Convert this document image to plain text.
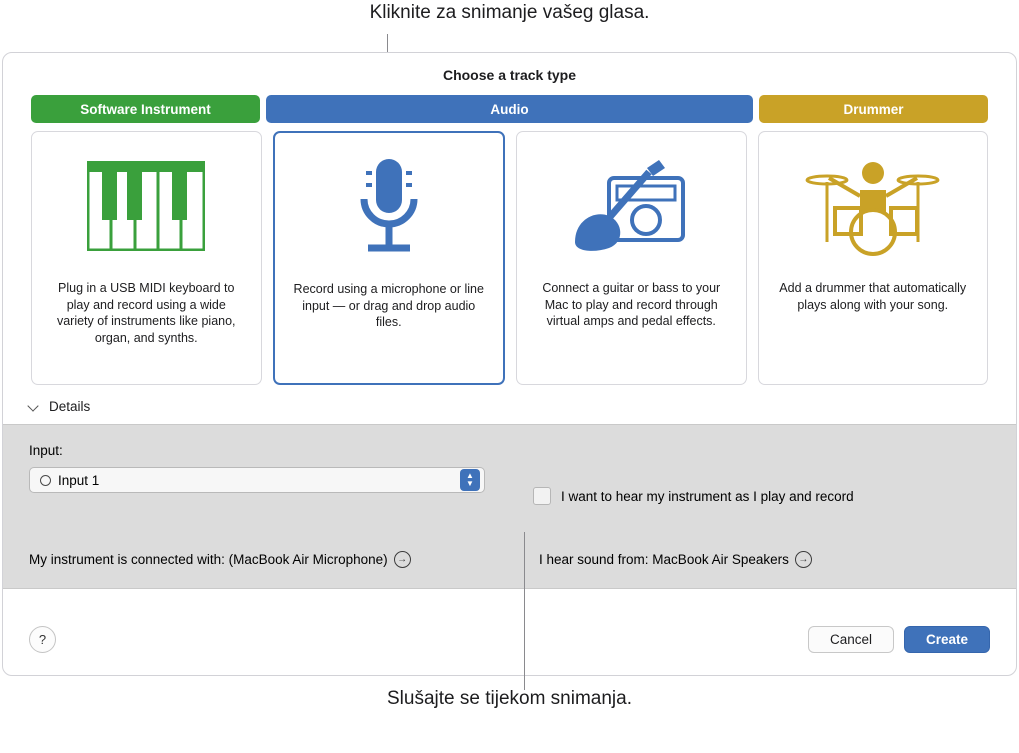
Kliknite za snimanje vašeg glasa.
Choose a track type
Software Instrument	Audio	Drummer
Plug in a USB MIDI keyboard to play and record using a wide variety of instruments like piano, organ, and synths.
Record using a microphone or line input — or drag and drop audio files.
Connect a guitar or bass to your Mac to play and record through virtual amps and pedal effects.
Add a drummer that automatically plays along with your song.
Details
Input:
Input 1	▲
▼
I want to hear my instrument as I play and record
My instrument is connected with: (MacBook Air Microphone) →	I hear sound from: MacBook Air Speakers →
?	Cancel	Create
Slušajte se tijekom snimanja.
